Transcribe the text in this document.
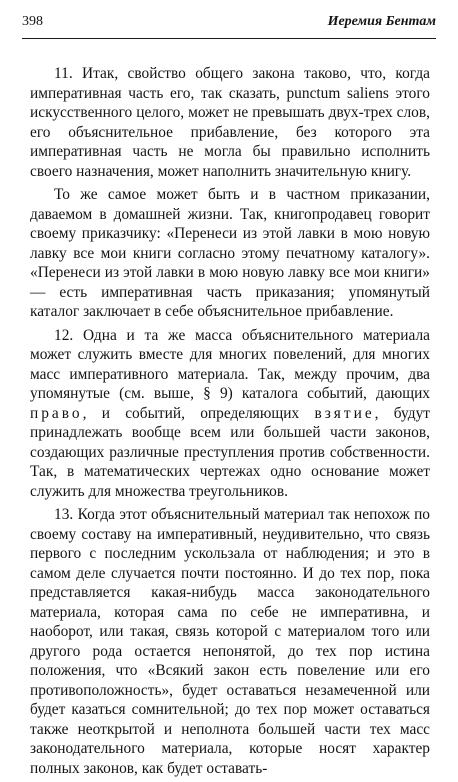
398	Иеремия Бентам

11. Итак, свойство общего закона таково, что, когда императивная часть его, так сказать, punctum saliens этого искусственного целого, может не превышать двух-трех слов, его объяснительное прибавление, без которого эта императивная часть не могла бы правильно исполнить своего назначения, может наполнить значительную книгу.

То же самое может быть и в частном приказании, даваемом в домашней жизни. Так, книгопродавец говорит своему приказчику: «Перенеси из этой лавки в мою новую лавку все мои книги согласно этому печатному каталогу». «Перенеси из этой лавки в мою новую лавку все мои книги» — есть императивная часть приказания; упомянутый каталог заключает в себе объяснительное прибавление.

12. Одна и та же масса объяснительного материала может служить вместе для многих повелений, для многих масс императивного материала. Так, между прочим, два упомянутые (см. выше, § 9) каталога событий, дающих право, и событий, определяющих взятие, будут принадлежать вообще всем или большей части законов, создающих различные преступления против собственности. Так, в математических чертежах одно основание может служить для множества треугольников.

13. Когда этот объяснительный материал так непохож по своему составу на императивный, неудивительно, что связь первого с последним ускользала от наблюдения; и это в самом деле случается почти постоянно. И до тех пор, пока представляется какая-нибудь масса законодательного материала, которая сама по себе не императивна, и наоборот, или такая, связь которой с материалом того или другого рода остается непонятой, до тех пор истина положения, что «Всякий закон есть повеление или его противоположность», будет оставаться незамеченной или будет казаться сомнительной; до тех пор может оставаться также неоткрытой и неполнота большей части тех масс законодательного материала, которые носят характер полных законов, как будет оставать-
